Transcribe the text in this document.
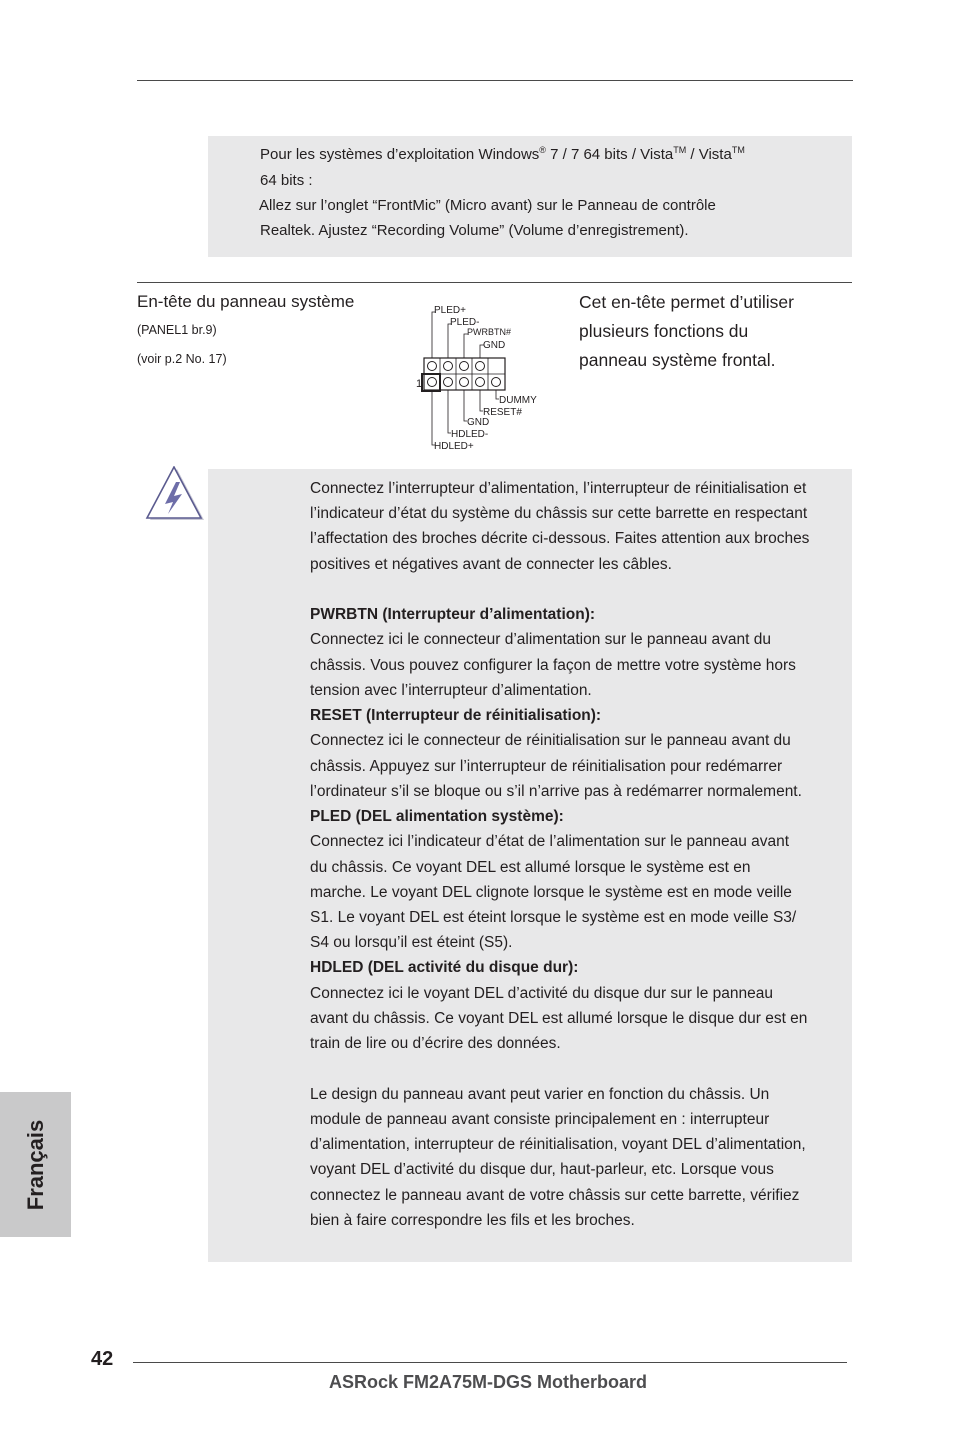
Pour les systèmes d’exploitation Windows® 7 / 7 64 bits / Vista™ / Vista™
64 bits :
Allez sur l’onglet “FrontMic” (Micro avant) sur le Panneau de contrôle
Realtek. Ajustez “Recording Volume” (Volume d’enregistrement).
En-tête du panneau système
(PANEL1 br.9)
(voir p.2 No. 17)
Cet en-tête permet d’utiliser
plusieurs fonctions du
panneau système frontal.
1
PLED+
PLED-
PWRBTN#
GND
DUMMY
RESET#
GND
HDLED-
HDLED+
Connectez l’interrupteur d’alimentation, l’interrupteur de réinitialisation et
l’indicateur d’état du système du châssis sur cette barrette en respectant
l’affectation des broches décrite ci-dessous. Faites attention aux broches
positives et négatives avant de connecter les câbles.
PWRBTN (Interrupteur d’alimentation):
Connectez ici le connecteur d’alimentation sur le panneau avant du
châssis. Vous pouvez configurer la façon de mettre votre système hors
tension avec l’interrupteur d’alimentation.
RESET (Interrupteur de réinitialisation):
Connectez ici le connecteur de réinitialisation sur le panneau avant du
châssis. Appuyez sur l’interrupteur de réinitialisation pour redémarrer
l’ordinateur s’il se bloque ou s’il n’arrive pas à redémarrer normalement.
PLED (DEL alimentation système):
Connectez ici l’indicateur d’état de l’alimentation sur le panneau avant
du châssis. Ce voyant DEL est allumé lorsque le système est en
marche. Le voyant DEL clignote lorsque le système est en mode veille
S1. Le voyant DEL est éteint lorsque le système est en mode veille S3/
S4 ou lorsqu’il est éteint (S5).
HDLED (DEL activité du disque dur):
Connectez ici le voyant DEL d’activité du disque dur sur le panneau
avant du châssis. Ce voyant DEL est allumé lorsque le disque dur est en
train de lire ou d’écrire des données.
Le design du panneau avant peut varier en fonction du châssis. Un
module de panneau avant consiste principalement en : interrupteur
d’alimentation, interrupteur de réinitialisation, voyant DEL d’alimentation,
voyant DEL d’activité du disque dur, haut-parleur, etc. Lorsque vous
connectez le panneau avant de votre châssis sur cette barrette, vérifiez
bien à faire correspondre les fils et les broches.
Français
42
ASRock FM2A75M-DGS Motherboard
